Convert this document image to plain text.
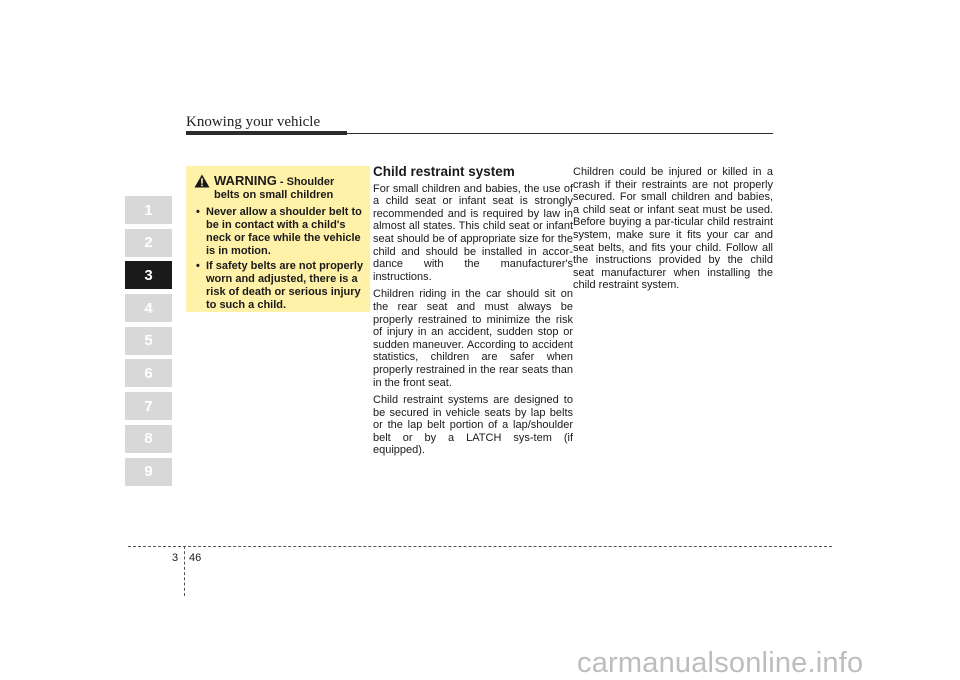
Knowing your vehicle
1
2
3
4
5
6
7
8
9
WARNING - Shoulder
belts on small children
• Never allow a shoulder belt to be in contact with a child's neck or face while the vehicle is in motion.
• If safety belts are not properly worn and adjusted, there is a risk of death or serious injury to such a child.
Child restraint system

For small children and babies, the use of a child seat or infant seat is strongly recommended and is required by law in almost all states. This child seat or infant seat should be of appropriate size for the child and should be installed in accor-dance with the manufacturer's instructions.

Children riding in the car should sit on the rear seat and must always be properly restrained to minimize the risk of injury in an accident, sudden stop or sudden maneuver. According to accident statistics, children are safer when properly restrained in the rear seats than in the front seat.

Child restraint systems are designed to be secured in vehicle seats by lap belts or the lap belt portion of a lap/shoulder belt or by a LATCH sys-tem (if equipped).

Children could be injured or killed in a crash if their restraints are not properly secured. For small children and babies, a child seat or infant seat must be used. Before buying a par-ticular child restraint system, make sure it fits your car and seat belts, and fits your child. Follow all the instructions provided by the child seat manufacturer when installing the child restraint system.

3 46
carmanualsonline.info
